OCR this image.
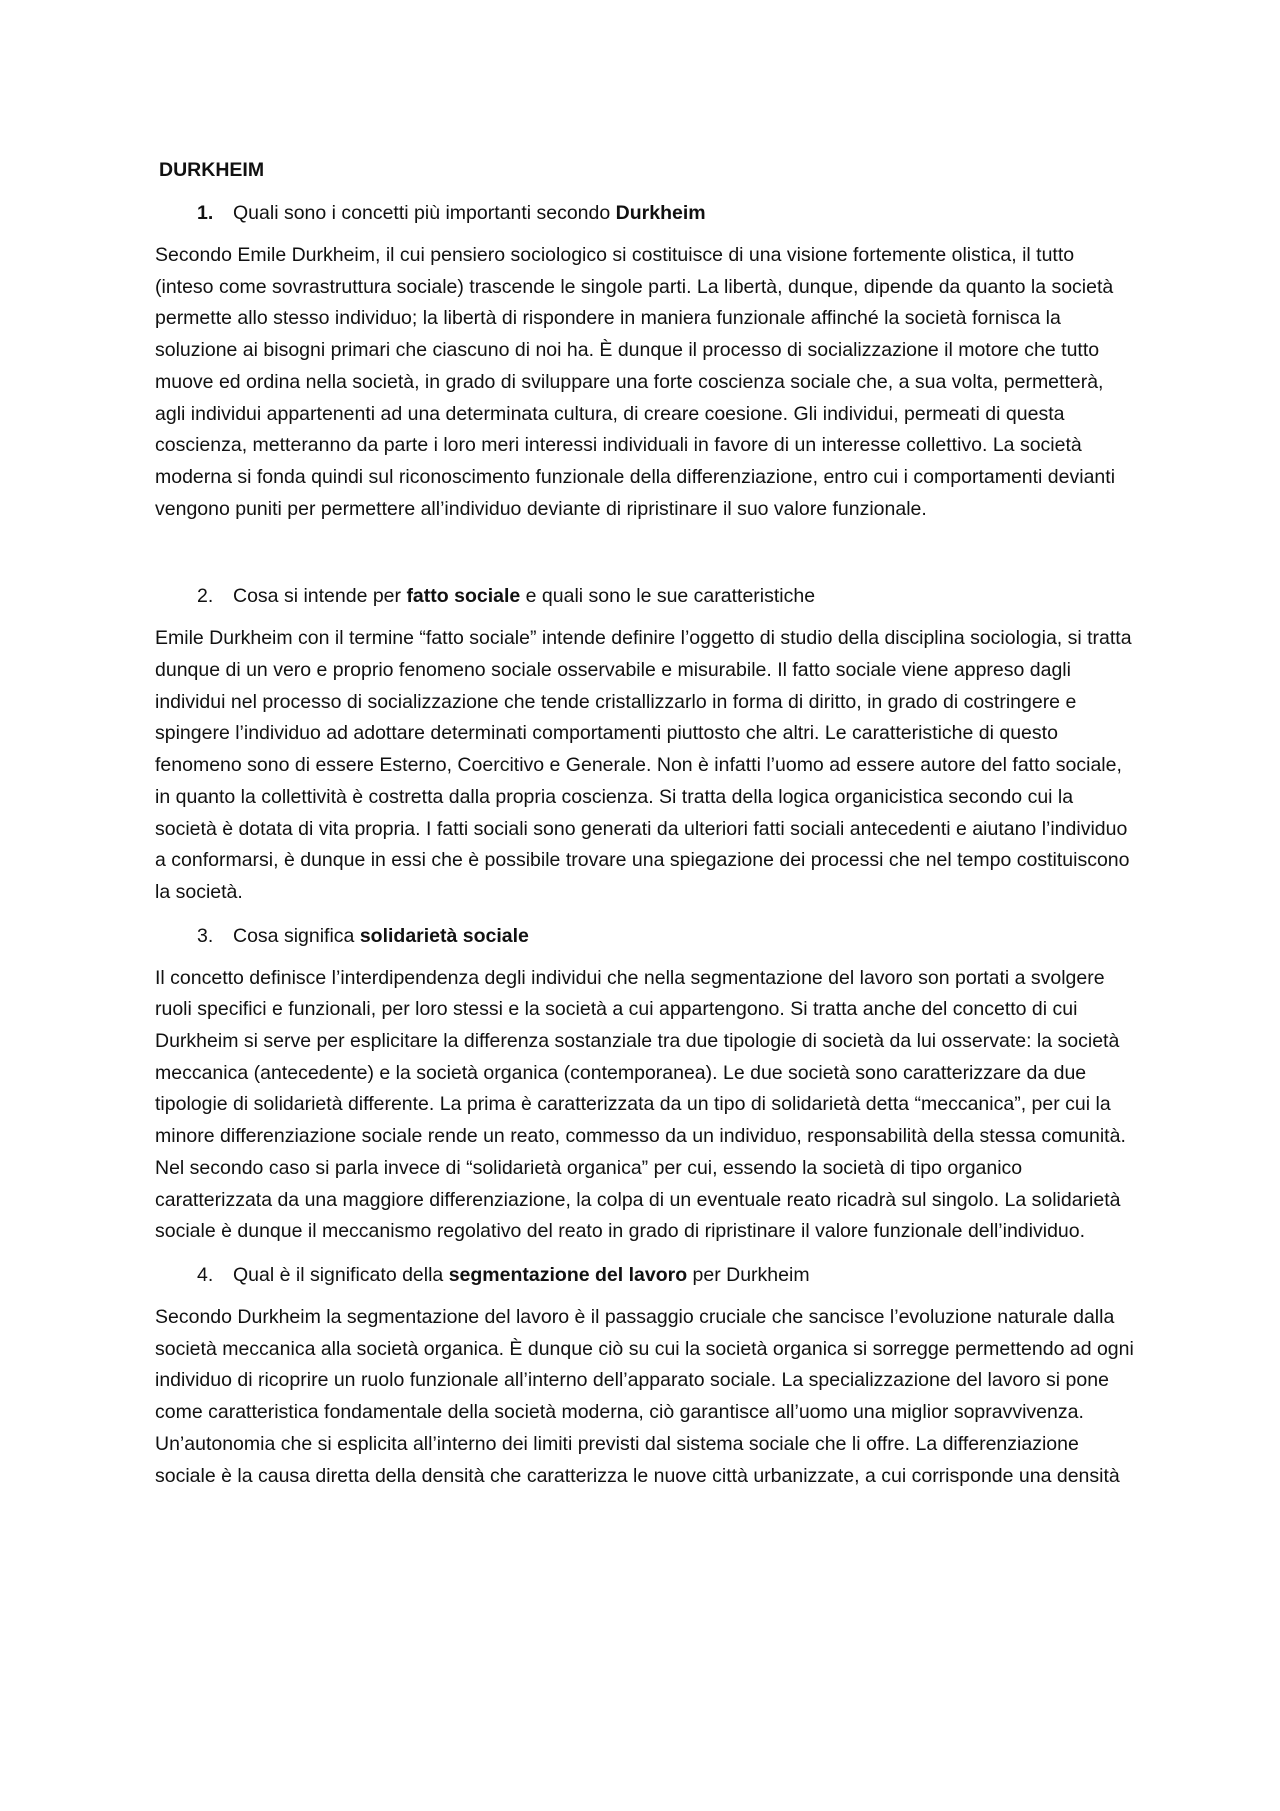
DURKHEIM
1. Quali sono i concetti più importanti secondo Durkheim

Secondo Emile Durkheim, il cui pensiero sociologico si costituisce di una visione fortemente olistica, il tutto (inteso come sovrastruttura sociale) trascende le singole parti. La libertà, dunque, dipende da quanto la società permette allo stesso individuo; la libertà di rispondere in maniera funzionale affinché la società fornisca la soluzione ai bisogni primari che ciascuno di noi ha. È dunque il processo di socializzazione il motore che tutto muove ed ordina nella società, in grado di sviluppare una forte coscienza sociale che, a sua volta, permetterà, agli individui appartenenti ad una determinata cultura, di creare coesione. Gli individui, permeati di questa coscienza, metteranno da parte i loro meri interessi individuali in favore di un interesse collettivo. La società moderna si fonda quindi sul riconoscimento funzionale della differenziazione, entro cui i comportamenti devianti vengono puniti per permettere all’individuo deviante di ripristinare il suo valore funzionale.

2. Cosa si intende per fatto sociale e quali sono le sue caratteristiche

Emile Durkheim con il termine “fatto sociale” intende definire l’oggetto di studio della disciplina sociologia, si tratta dunque di un vero e proprio fenomeno sociale osservabile e misurabile. Il fatto sociale viene appreso dagli individui nel processo di socializzazione che tende cristallizzarlo in forma di diritto, in grado di costringere e spingere l’individuo ad adottare determinati comportamenti piuttosto che altri. Le caratteristiche di questo fenomeno sono di essere Esterno, Coercitivo e Generale. Non è infatti l’uomo ad essere autore del fatto sociale, in quanto la collettività è costretta dalla propria coscienza. Si tratta della logica organicistica secondo cui la società è dotata di vita propria. I fatti sociali sono generati da ulteriori fatti sociali antecedenti e aiutano l’individuo a conformarsi, è dunque in essi che è possibile trovare una spiegazione dei processi che nel tempo costituiscono la società.

3. Cosa significa solidarietà sociale

Il concetto definisce l’interdipendenza degli individui che nella segmentazione del lavoro son portati a svolgere ruoli specifici e funzionali, per loro stessi e la società a cui appartengono. Si tratta anche del concetto di cui Durkheim si serve per esplicitare la differenza sostanziale tra due tipologie di società da lui osservate: la società meccanica (antecedente) e la società organica (contemporanea). Le due società sono caratterizzare da due tipologie di solidarietà differente. La prima è caratterizzata da un tipo di solidarietà detta “meccanica”, per cui la minore differenziazione sociale rende un reato, commesso da un individuo, responsabilità della stessa comunità. Nel secondo caso si parla invece di “solidarietà organica” per cui, essendo la società di tipo organico caratterizzata da una maggiore differenziazione, la colpa di un eventuale reato ricadrà sul singolo. La solidarietà sociale è dunque il meccanismo regolativo del reato in grado di ripristinare il valore funzionale dell’individuo.

4. Qual è il significato della segmentazione del lavoro per Durkheim

Secondo Durkheim la segmentazione del lavoro è il passaggio cruciale che sancisce l’evoluzione naturale dalla società meccanica alla società organica. È dunque ciò su cui la società organica si sorregge permettendo ad ogni individuo di ricoprire un ruolo funzionale all’interno dell’apparato sociale. La specializzazione del lavoro si pone come caratteristica fondamentale della società moderna, ciò garantisce all’uomo una miglior sopravvivenza. Un’autonomia che si esplicita all’interno dei limiti previsti dal sistema sociale che li offre. La differenziazione sociale è la causa diretta della densità che caratterizza le nuove città urbanizzate, a cui corrisponde una densità
